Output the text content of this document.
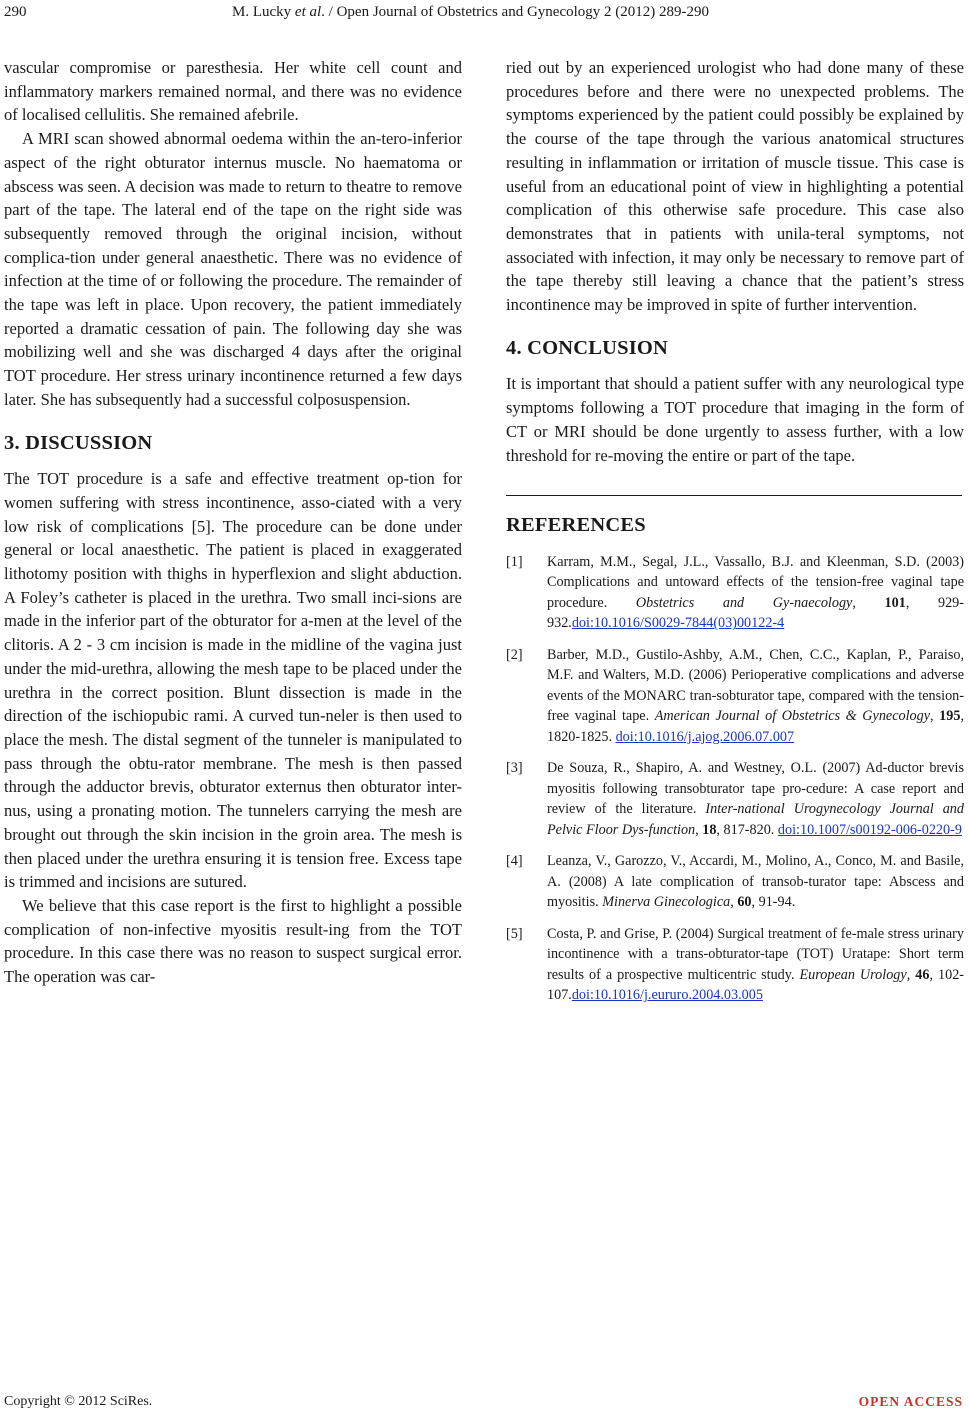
290	M. Lucky et al. / Open Journal of Obstetrics and Gynecology 2 (2012) 289-290

vascular compromise or paresthesia. Her white cell count and inflammatory markers remained normal, and there was no evidence of localised cellulitis. She remained afebrile.

A MRI scan showed abnormal oedema within the an-tero-inferior aspect of the right obturator internus muscle. No haematoma or abscess was seen. A decision was made to return to theatre to remove part of the tape. The lateral end of the tape on the right side was subsequently removed through the original incision, without complica-tion under general anaesthetic. There was no evidence of infection at the time of or following the procedure. The remainder of the tape was left in place. Upon recovery, the patient immediately reported a dramatic cessation of pain. The following day she was mobilizing well and she was discharged 4 days after the original TOT procedure. Her stress urinary incontinence returned a few days later. She has subsequently had a successful colposuspension.

3. DISCUSSION

The TOT procedure is a safe and effective treatment op-tion for women suffering with stress incontinence, asso-ciated with a very low risk of complications [5]. The procedure can be done under general or local anaesthetic. The patient is placed in exaggerated lithotomy position with thighs in hyperflexion and slight abduction. A Foley’s catheter is placed in the urethra. Two small inci-sions are made in the inferior part of the obturator for a-men at the level of the clitoris. A 2 - 3 cm incision is made in the midline of the vagina just under the mid-urethra, allowing the mesh tape to be placed under the urethra in the correct position. Blunt dissection is made in the direction of the ischiopubic rami. A curved tun-neler is then used to place the mesh. The distal segment of the tunneler is manipulated to pass through the obtu-rator membrane. The mesh is then passed through the adductor brevis, obturator externus then obturator inter-nus, using a pronating motion. The tunnelers carrying the mesh are brought out through the skin incision in the groin area. The mesh is then placed under the urethra ensuring it is tension free. Excess tape is trimmed and incisions are sutured.

We believe that this case report is the first to highlight a possible complication of non-infective myositis result-ing from the TOT procedure. In this case there was no reason to suspect surgical error. The operation was car-

ried out by an experienced urologist who had done many of these procedures before and there were no unexpected problems. The symptoms experienced by the patient could possibly be explained by the course of the tape through the various anatomical structures resulting in inflammation or irritation of muscle tissue. This case is useful from an educational point of view in highlighting a potential complication of this otherwise safe procedure. This case also demonstrates that in patients with unila-teral symptoms, not associated with infection, it may only be necessary to remove part of the tape thereby still leaving a chance that the patient’s stress incontinence may be improved in spite of further intervention.

4. CONCLUSION

It is important that should a patient suffer with any neurological type symptoms following a TOT procedure that imaging in the form of CT or MRI should be done urgently to assess further, with a low threshold for re-moving the entire or part of the tape.

REFERENCES
[1]	Karram, M.M., Segal, J.L., Vassallo, B.J. and Kleenman, S.D. (2003) Complications and untoward effects of the tension-free vaginal tape procedure. Obstetrics and Gy-naecology, 101, 929-932.doi:10.1016/S0029-7844(03)00122-4
[2]	Barber, M.D., Gustilo-Ashby, A.M., Chen, C.C., Kaplan, P., Paraiso, M.F. and Walters, M.D. (2006) Perioperative complications and adverse events of the MONARC tran-sobturator tape, compared with the tension-free vaginal tape. American Journal of Obstetrics & Gynecology, 195, 1820-1825. doi:10.1016/j.ajog.2006.07.007
[3]	De Souza, R., Shapiro, A. and Westney, O.L. (2007) Ad-ductor brevis myositis following transobturator tape pro-cedure: A case report and review of the literature. Inter-national Urogynecology Journal and Pelvic Floor Dys-function, 18, 817-820. doi:10.1007/s00192-006-0220-9
[4]	Leanza, V., Garozzo, V., Accardi, M., Molino, A., Conco, M. and Basile, A. (2008) A late complication of transob-turator tape: Abscess and myositis. Minerva Ginecologica, 60, 91-94.
[5]	Costa, P. and Grise, P. (2004) Surgical treatment of fe-male stress urinary incontinence with a trans-obturator-tape (TOT) Uratape: Short term results of a prospective multicentric study. European Urology, 46, 102-107.doi:10.1016/j.eururo.2004.03.005
Copyright © 2012 SciRes.	OPEN ACCESS
